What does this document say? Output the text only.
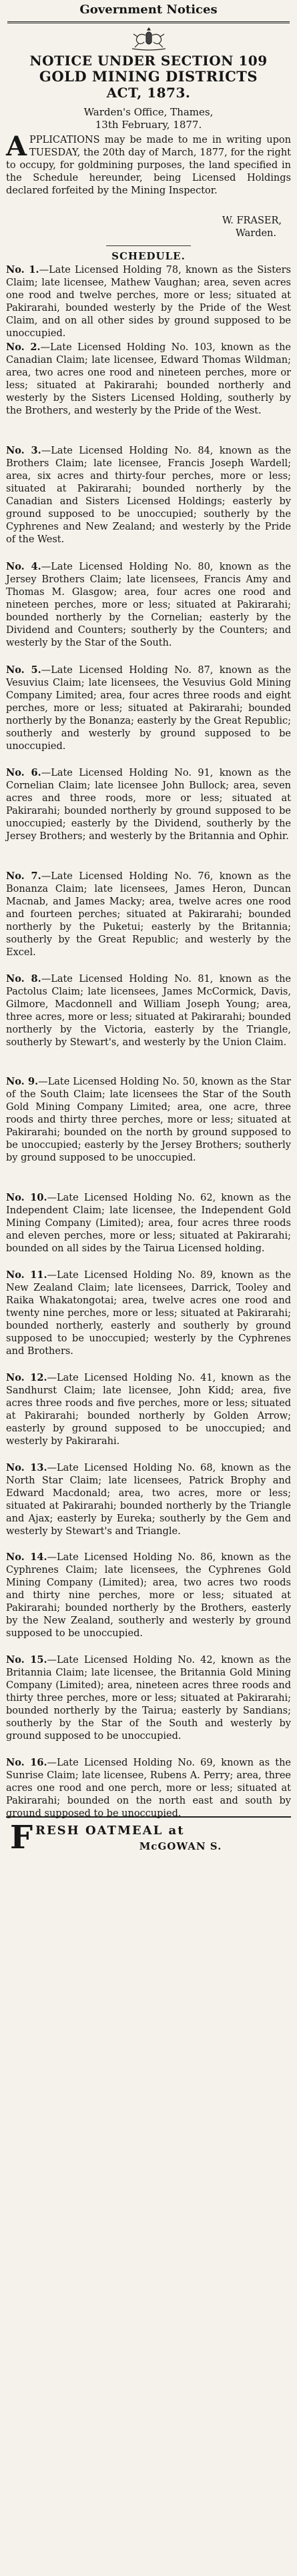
Government Notices
NOTICE UNDER SECTION 109
GOLD MINING DISTRICTS
ACT, 1873.
Warden's Office, Thames,
13th February, 1877.
A PPLICATIONS may be made to me in writing upon TUESDAY, the 20th day of March, 1877, for the right to occupy, for goldmining purposes, the land specified in the Schedule hereunder, being Licensed Holdings declared forfeited by the Mining Inspector.
W. FRASER,
Warden.
SCHEDULE.

No. 1.—Late Licensed Holding 78, known as the Sisters Claim; late licensee, Mathew Vaughan; area, seven acres one rood and twelve perches, more or less; situated at Pakirarahi, bounded westerly by the Pride of the West Claim, and on all other sides by ground supposed to be unoccupied.

No. 2.—Late Licensed Holding No. 103, known as the Canadian Claim; late licensee, Edward Thomas Wildman; area, two acres one rood and nineteen perches, more or less; situated at Pakirarahi; bounded northerly and westerly by the Sisters Licensed Holding, southerly by the Brothers, and westerly by the Pride of the West.

No. 3.—Late Licensed Holding No. 84, known as the Brothers Claim; late licensee, Francis Joseph Wardell; area, six acres and thirty-four perches, more or less; situated at Pakirarahi; bounded northerly by the Canadian and Sisters Licensed Holdings; easterly by ground supposed to be unoccupied; southerly by the Cyphrenes and New Zealand; and westerly by the Pride of the West.

No. 4.—Late Licensed Holding No. 80, known as the Jersey Brothers Claim; late licensees, Francis Amy and Thomas M. Glasgow; area, four acres one rood and nineteen perches, more or less; situated at Pakirarahi; bounded northerly by the Cornelian; easterly by the Dividend and Counters; southerly by the Counters; and westerly by the Star of the South.

No. 5.—Late Licensed Holding No. 87, known as the Vesuvius Claim; late licensees, the Vesuvius Gold Mining Company Limited; area, four acres three roods and eight perches, more or less; situated at Pakirarahi; bounded northerly by the Bonanza; easterly by the Great Republic; southerly and westerly by ground supposed to be unoccupied.

No. 6.—Late Licensed Holding No. 91, known as the Cornelian Claim; late licensee John Bullock; area, seven acres and three roods, more or less; situated at Pakirarahi; bounded northerly by ground supposed to be unoccupied; easterly by the Dividend, southerly by the Jersey Brothers; and westerly by the Britannia and Ophir.

No. 7.—Late Licensed Holding No. 76, known as the Bonanza Claim; late licensees, James Heron, Duncan Macnab, and James Macky; area, twelve acres one rood and fourteen perches; situated at Pakirarahi; bounded northerly by the Puketui; easterly by the Britannia; southerly by the Great Republic; and westerly by the Excel.

No. 8.—Late Licensed Holding No. 81, known as the Pactolus Claim; late licensees, James McCormick, Davis, Gilmore, Macdonnell and William Joseph Young; area, three acres, more or less; situated at Pakirarahi; bounded northerly by the Victoria, easterly by the Triangle, southerly by Stewart's, and westerly by the Union Claim.

No. 9.—Late Licensed Holding No. 50, known as the Star of the South Claim; late licensees the Star of the South Gold Mining Company Limited; area, one acre, three roods and thirty three perches, more or less; situated at Pakirarahi; bounded on the north by ground supposed to be unoccupied; easterly by the Jersey Brothers; southerly by ground supposed to be unoccupied.

No. 10.—Late Licensed Holding No. 62, known as the Independent Claim; late licensee, the Independent Gold Mining Company (Limited); area, four acres three roods and eleven perches, more or less; situated at Pakirarahi; bounded on all sides by the Tairua Licensed holding.

No. 11.—Late Licensed Holding No. 89, known as the New Zealand Claim; late licensees, Darrick, Tooley and Raika Whakatongotai; area, twelve acres one rood and twenty nine perches, more or less; situated at Pakirarahi; bounded northerly, easterly and southerly by ground supposed to be unoccupied; westerly by the Cyphrenes and Brothers.

No. 12.—Late Licensed Holding No. 41, known as the Sandhurst Claim; late licensee, John Kidd; area, five acres three roods and five perches, more or less; situated at Pakirarahi; bounded northerly by Golden Arrow; easterly by ground supposed to be unoccupied; and westerly by Pakirarahi.

No. 13.—Late Licensed Holding No. 68, known as the North Star Claim; late licensees, Patrick Brophy and Edward Macdonald; area, two acres, more or less; situated at Pakirarahi; bounded northerly by the Triangle and Ajax; easterly by Eureka; southerly by the Gem and westerly by Stewart's and Triangle.

No. 14.—Late Licensed Holding No. 86, known as the Cyphrenes Claim; late licensees, the Cyphrenes Gold Mining Company (Limited); area, two acres two roods and thirty nine perches, more or less; situated at Pakirarahi; bounded northerly by the Brothers, easterly by the New Zealand, southerly and westerly by ground supposed to be unoccupied.

No. 15.—Late Licensed Holding No. 42, known as the Britannia Claim; late licensee, the Britannia Gold Mining Company (Limited); area, nineteen acres three roods and thirty three perches, more or less; situated at Pakirarahi; bounded northerly by the Tairua; easterly by Sandians; southerly by the Star of the South and westerly by ground supposed to be unoccupied.

No. 16.—Late Licensed Holding No. 69, known as the Sunrise Claim; late licensee, Rubens A. Perry; area, three acres one rood and one perch, more or less; situated at Pakirarahi; bounded on the north east and south by ground supposed to be unoccupied.

F RESH OATMEAL at
McGOWAN S.
